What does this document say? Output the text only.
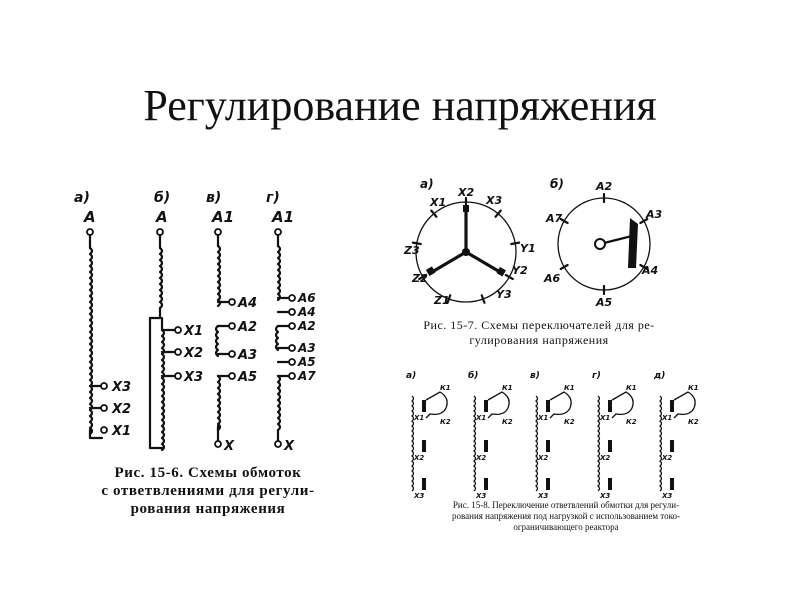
Регулирование напряжения
а)	б)	в)	г)
А	А	А1	А1
Х3
Х2
Х1
Х1
Х2
Х3
А4
А2
А3
А5
Х
А6
А4
А2
А3
А5
А7
Х
Рис. 15-6. Схемы обмоток
с ответвлениями для регули-
рования напряжения
а)	б)
Х1
Х2
Х3
Y1
Y2
Y3
Z1
Z2
Z3
А2
А3
А4
А5
А6
А7
Рис. 15-7. Схемы переключателей для ре-
гулирования напряжения
а)
Х1
Х2
Х3
К1
К2
б)
Х1
Х2
Х3
К1
К2
в)
Х1
Х2
Х3
К1
К2
г)
Х1
Х2
Х3
К1
К2
д)
Х1
Х2
Х3
К1
К2
Рис. 15-8. Переключение ответвлений обмотки для регули-
рования напряжения под нагрузкой с использованием токо-
ограничивающего реактора
